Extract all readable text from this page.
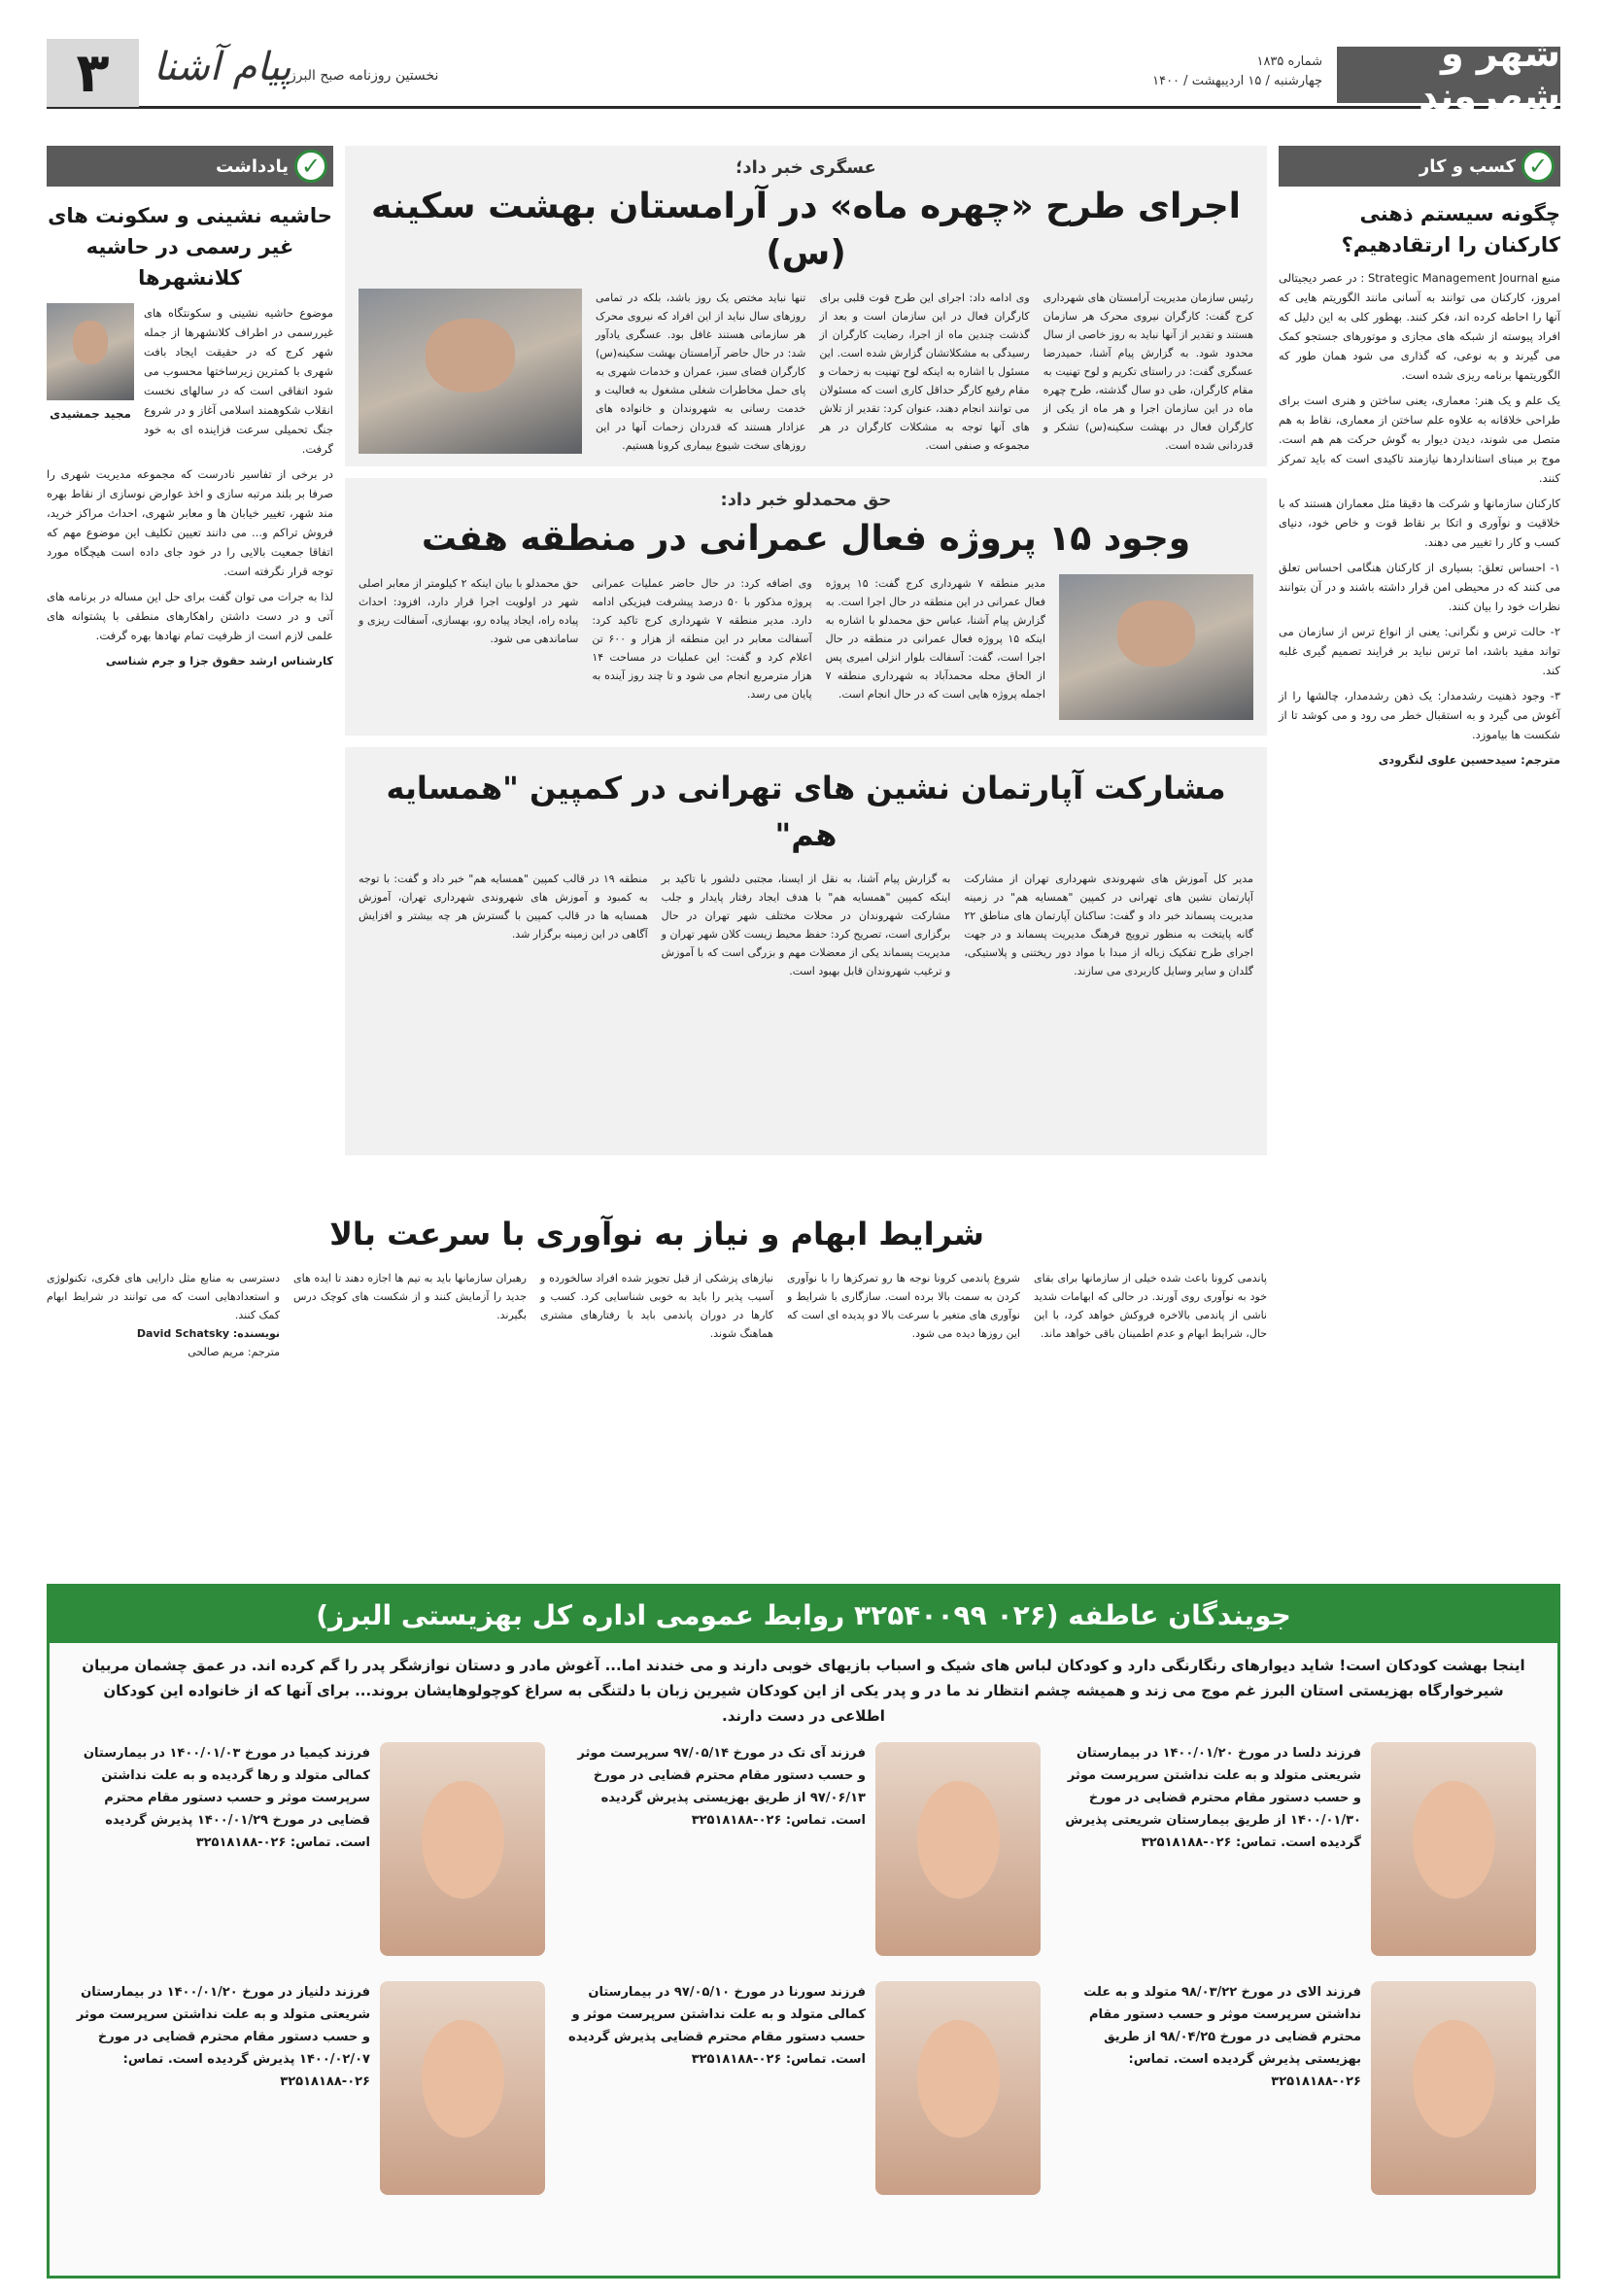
شهر و شهروند
شماره ۱۸۳۵
چهارشنبه / ۱۵ اردیبهشت / ۱۴۰۰
نخستین روزنامه صبح البرز
پیام آشنا
۳
✓
کسب و کار
چگونه سیستم ذهنی کارکنان را ارتقادهیم؟

منبع Strategic Management Journal : در عصر دیجیتالی امروز، کارکنان می توانند به آسانی مانند الگوریتم هایی که آنها را احاطه کرده اند، فکر کنند. بهطور کلی به این دلیل که افراد پیوسته از شبکه های مجازی و موتورهای جستجو کمک می گیرند و به نوعی، که گذاری می شود همان طور که الگوریتمها برنامه ریزی شده است.

یک علم و یک هنر: معماری، یعنی ساختن و هنری است برای طراحی خلاقانه به علاوه علم ساختن از معماری، نقاط به هم متصل می شوند، دیدن دیوار به گوش حرکت هم هم است. موج بر مبنای استانداردها نیازمند تاکیدی است که باید تمرکز کنند.

کارکنان سازمانها و شرکت ها دقیقا مثل معماران هستند که با خلاقیت و نوآوری و اتکا بر نقاط قوت و خاص خود، دنیای کسب و کار را تغییر می دهند.

۱- احساس تعلق: بسیاری از کارکنان هنگامی احساس تعلق می کنند که در محیطی امن قرار داشته باشند و در آن بتوانند نظرات خود را بیان کنند.

۲- حالت ترس و نگرانی: یعنی از انواع ترس از سازمان می تواند مفید باشد، اما ترس نباید بر فرایند تصمیم گیری غلبه کند.

۳- وجود ذهنیت رشدمدار: یک ذهن رشدمدار، چالشها را از آغوش می گیرد و به استقبال خطر می رود و می کوشد تا از شکست ها بیاموزد.

مترجم: سیدحسین علوی لنگرودی

✓
یادداشت
حاشیه نشینی و سکونت های غیر رسمی در حاشیه کلانشهرها
مجید جمشیدی

موضوع حاشیه نشینی و سکونتگاه های غیررسمی در اطراف کلانشهرها از جمله شهر کرج که در حقیقت ایجاد بافت شهری با کمترین زیرساختها محسوب می شود اتفاقی است که در سالهای نخست انقلاب شکوهمند اسلامی آغاز و در شروع جنگ تحمیلی سرعت فزاینده ای به خود گرفت.

در برخی از تفاسیر نادرست که مجموعه مدیریت شهری را صرفا بر بلند مرتبه سازی و اخذ عوارض نوسازی از نقاط بهره مند شهر، تغییر خیابان ها و معابر شهری، احداث مراکز خرید، فروش تراکم و... می دانند تعیین تکلیف این موضوع مهم که اتفاقا جمعیت بالایی را در خود جای داده است هیچگاه مورد توجه قرار نگرفته است.

لذا به جرات می توان گفت برای حل این مساله در برنامه های آتی و در دست داشتن راهکارهای منطقی با پشتوانه های علمی لازم است از ظرفیت تمام نهادها بهره گرفت.

کارشناس ارشد حقوق جزا و جرم شناسی

عسگری خبر داد؛
اجرای طرح «چهره ماه» در آرامستان بهشت سکینه (س)
رئیس سازمان مدیریت آرامستان های شهرداری کرج گفت: کارگران نیروی محرک هر سازمان هستند و تقدیر از آنها نباید به روز خاصی از سال محدود شود. به گزارش پیام آشنا، حمیدرضا عسگری گفت: در راستای تکریم و لوح تهنیت به مقام کارگران، طی دو سال گذشته، طرح چهره ماه در این سازمان اجرا و هر ماه از یکی از کارگران فعال در بهشت سکینه(س) تشکر و قدردانی شده است.
وی ادامه داد: اجرای این طرح قوت قلبی برای کارگران فعال در این سازمان است و بعد از گذشت چندین ماه از اجرا، رضایت کارگران از رسیدگی به مشکلاتشان گزارش شده است. این مسئول با اشاره به اینکه لوح تهنیت به زحمات و مقام رفیع کارگر حداقل کاری است که مسئولان می توانند انجام دهند، عنوان کرد: تقدیر از تلاش های آنها توجه به مشکلات کارگران در هر مجموعه و صنفی است.
تنها نباید مختص یک روز باشد، بلکه در تمامی روزهای سال نباید از این افراد که نیروی محرک هر سازمانی هستند غافل بود. عسگری یادآور شد: در حال حاضر آرامستان بهشت سکینه(س) کارگران فضای سبز، عمران و خدمات شهری به پای حمل مخاطرات شغلی مشغول به فعالیت و خدمت رسانی به شهروندان و خانواده های عزادار هستند که قدردان زحمات آنها در این روزهای سخت شیوع بیماری کرونا هستیم.
حق محمدلو خبر داد:
وجود ۱۵ پروژه فعال عمرانی در منطقه هفت
مدیر منطقه ۷ شهرداری کرج گفت: ۱۵ پروژه فعال عمرانی در این منطقه در حال اجرا است. به گزارش پیام آشنا، عباس حق محمدلو با اشاره به اینکه ۱۵ پروژه فعال عمرانی در منطقه در حال اجرا است، گفت: آسفالت بلوار انزلی امیری پس از الحاق محله محمدآباد به شهرداری منطقه ۷ اجمله پروژه هایی است که در حال انجام است.
وی اضافه کرد: در حال حاضر عملیات عمرانی پروژه مذکور با ۵۰ درصد پیشرفت فیزیکی ادامه دارد. مدیر منطقه ۷ شهرداری کرج تاکید کرد: آسفالت معابر در این منطقه از هزار و ۶۰۰ تن اعلام کرد و گفت: این عملیات در مساحت ۱۴ هزار مترمربع انجام می شود و تا چند روز آینده به پایان می رسد.
حق محمدلو با بیان اینکه ۲ کیلومتر از معابر اصلی شهر در اولویت اجرا قرار دارد، افزود: احداث پیاده راه، ایجاد پیاده رو، بهسازی، آسفالت ریزی و ساماندهی می شود.
مشارکت آپارتمان نشین های تهرانی در کمپین "همسایه هم"
مدیر کل آموزش های شهروندی شهرداری تهران از مشارکت آپارتمان نشین های تهرانی در کمپین "همسایه هم" در زمینه مدیریت پسماند خبر داد و گفت: ساکنان آپارتمان های مناطق ۲۲ گانه پایتخت به منظور ترویج فرهنگ مدیریت پسماند و در جهت اجرای طرح تفکیک زباله از مبدا با مواد دور ریختنی و پلاستیکی، گلدان و سایر وسایل کاربردی می سازند.
به گزارش پیام آشنا، به نقل از ایسنا، مجتبی دلشور با تاکید بر اینکه کمپین "همسایه هم" با هدف ایجاد رفتار پایدار و جلب مشارکت شهروندان در محلات مختلف شهر تهران در حال برگزاری است، تصریح کرد: حفظ محیط زیست کلان شهر تهران و مدیریت پسماند یکی از معضلات مهم و بزرگی است که با آموزش و ترغیب شهروندان قابل بهبود است.
منطقه ۱۹ در قالب کمپین "همسایه هم" خبر داد و گفت: با توجه به کمبود و آموزش های شهروندی شهرداری تهران، آموزش همسایه ها در قالب کمپین با گسترش هر چه بیشتر و افزایش آگاهی در این زمینه برگزار شد.
شرایط ابهام و نیاز به نوآوری با سرعت بالا
پاندمی کرونا باعث شده خیلی از سازمانها برای بقای خود به نوآوری روی آورند. در حالی که ابهامات شدید ناشی از پاندمی بالاخره فروکش خواهد کرد، با این حال، شرایط ابهام و عدم اطمینان باقی خواهد ماند.
شروع پاندمی کرونا نوجه ها رو تمرکزها را با نوآوری کردن به سمت بالا برده است. سازگاری با شرایط و نوآوری های متغیر با سرعت بالا دو پدیده ای است که این روزها دیده می شود.
نیازهای پزشکی از قبل تجویز شده افراد سالخورده و آسیب پذیر را باید به خوبی شناسایی کرد. کسب و کارها در دوران پاندمی باید با رفتارهای مشتری هماهنگ شوند.
رهبران سازمانها باید به تیم ها اجازه دهند تا ایده های جدید را آزمایش کنند و از شکست های کوچک درس بگیرند.
دسترسی به منابع مثل دارایی های فکری، تکنولوژی و استعدادهایی است که می توانند در شرایط ابهام کمک کنند.
نویسنده: David Schatsky
مترجم: مریم صالحی
جویندگان عاطفه (۰۲۶ ۳۲۵۴۰۰۹۹ روابط عمومی اداره کل بهزیستی البرز)
اینجا بهشت کودکان است! شاید دیوارهای رنگارنگی دارد و کودکان لباس های شیک و اسباب بازیهای خوبی دارند و می خندند اما... آغوش مادر و دستان نوازشگر پدر را گم کرده اند. در عمق چشمان مربیان شیرخوارگاه بهزیستی استان البرز غم موج می زند و همیشه چشم انتظار ند ما در و پدر یکی از این کودکان شیرین زبان با دلتنگی به سراغ کوچولوهایشان بروند... برای آنها که از خانواده این کودکان اطلاعی در دست دارند.
فرزند دلسا در مورخ ۱۴۰۰/۰۱/۲۰ در بیمارستان شریعتی متولد و به علت نداشتن سرپرست موثر و حسب دستور مقام محترم قضایی در مورخ ۱۴۰۰/۰۱/۳۰ از طریق بیمارستان شریعتی پذیرش گردیده است. تماس: ۰۲۶-۳۲۵۱۸۱۸۸
فرزند آی تک در مورخ ۹۷/۰۵/۱۴ سرپرست موثر و حسب دستور مقام محترم قضایی در مورخ ۹۷/۰۶/۱۳ از طریق بهزیستی پذیرش گردیده است. تماس: ۰۲۶-۳۲۵۱۸۱۸۸
فرزند کیمیا در مورخ ۱۴۰۰/۰۱/۰۳ در بیمارستان کمالی متولد و رها گردیده و به علت نداشتن سرپرست موثر و حسب دستور مقام محترم قضایی در مورخ ۱۴۰۰/۰۱/۲۹ پذیرش گردیده است. تماس: ۰۲۶-۳۲۵۱۸۱۸۸
فرزند الای در مورخ ۹۸/۰۳/۲۲ متولد و به علت نداشتن سرپرست موثر و حسب دستور مقام محترم قضایی در مورخ ۹۸/۰۴/۲۵ از طریق بهزیستی پذیرش گردیده است. تماس: ۰۲۶-۳۲۵۱۸۱۸۸
فرزند سورنا در مورخ ۹۷/۰۵/۱۰ در بیمارستان کمالی متولد و به علت نداشتن سرپرست موثر و حسب دستور مقام محترم قضایی پذیرش گردیده است. تماس: ۰۲۶-۳۲۵۱۸۱۸۸
فرزند دلنیاز در مورخ ۱۴۰۰/۰۱/۲۰ در بیمارستان شریعتی متولد و به علت نداشتن سرپرست موثر و حسب دستور مقام محترم قضایی در مورخ ۱۴۰۰/۰۲/۰۷ پذیرش گردیده است. تماس: ۰۲۶-۳۲۵۱۸۱۸۸
